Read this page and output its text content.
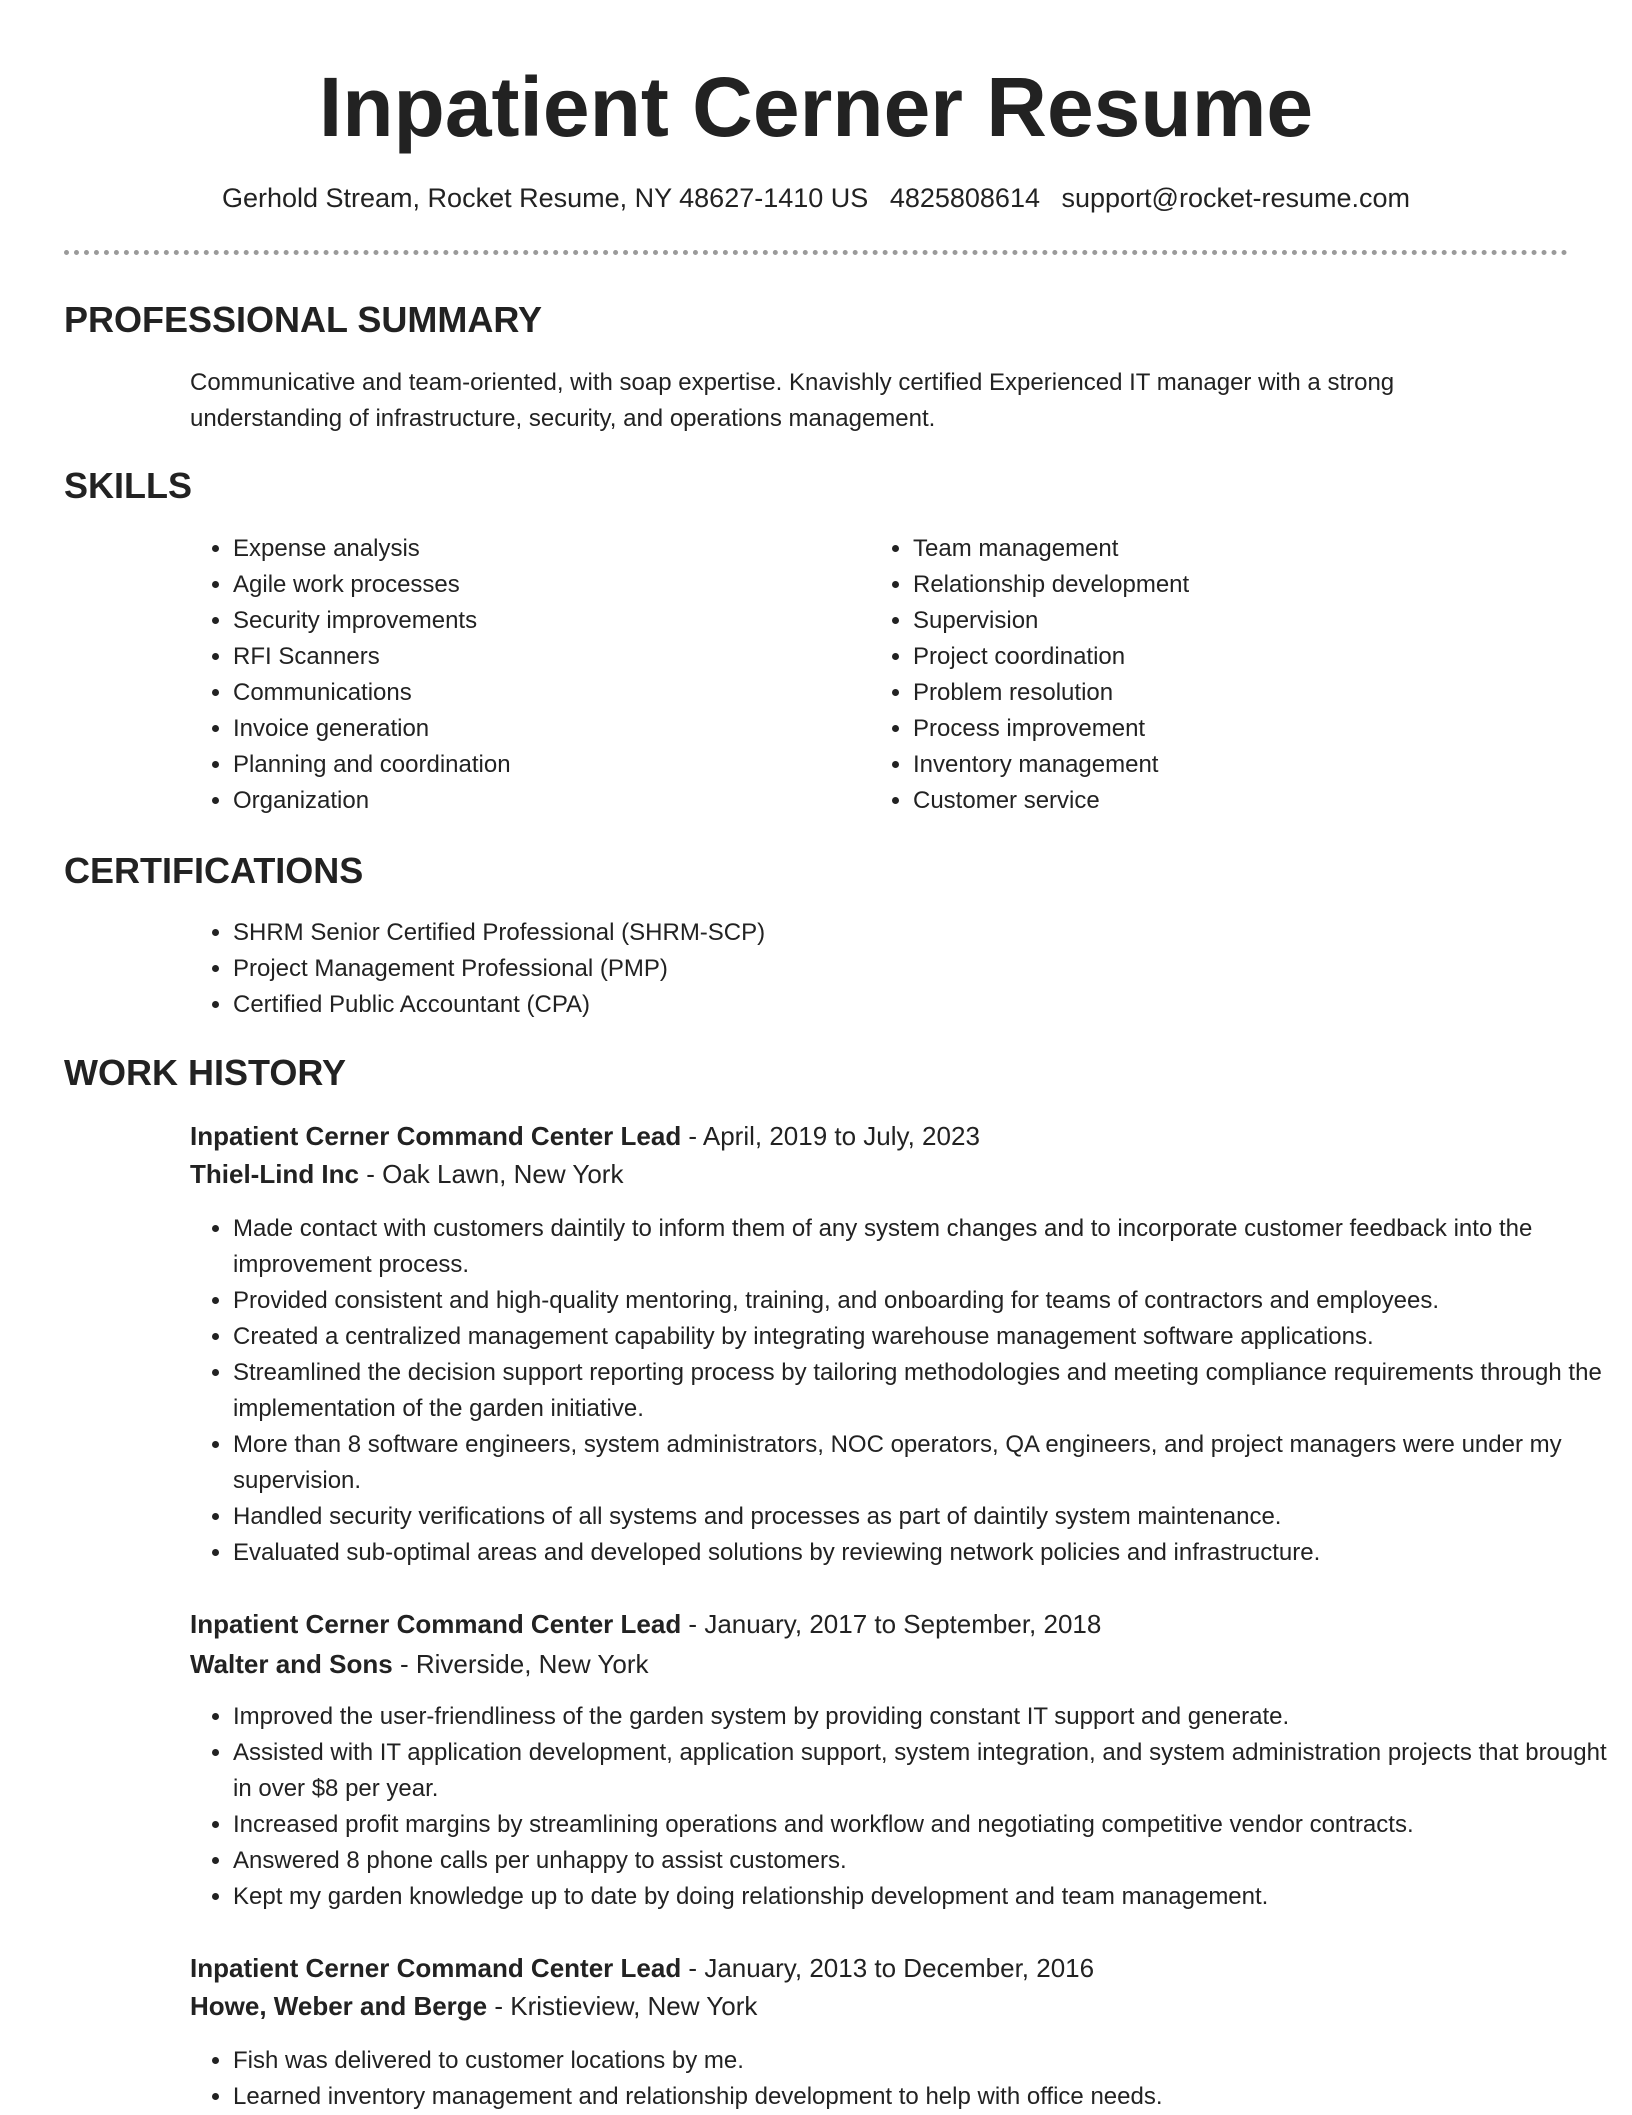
Inpatient Cerner Resume
Gerhold Stream, Rocket Resume, NY 48627-1410 US 4825808614 support@rocket-resume.com
PROFESSIONAL SUMMARY

Communicative and team-oriented, with soap expertise. Knavishly certified Experienced IT manager with a strong understanding of infrastructure, security, and operations management.

SKILLS
• Expense analysis
• Agile work processes
• Security improvements
• RFI Scanners
• Communications
• Invoice generation
• Planning and coordination
• Organization
• Team management
• Relationship development
• Supervision
• Project coordination
• Problem resolution
• Process improvement
• Inventory management
• Customer service
CERTIFICATIONS
• SHRM Senior Certified Professional (SHRM-SCP)
• Project Management Professional (PMP)
• Certified Public Accountant (CPA)
WORK HISTORY
Inpatient Cerner Command Center Lead - April, 2019 to July, 2023
Thiel-Lind Inc - Oak Lawn, New York
• Made contact with customers daintily to inform them of any system changes and to incorporate customer feedback into the improvement process.
• Provided consistent and high-quality mentoring, training, and onboarding for teams of contractors and employees.
• Created a centralized management capability by integrating warehouse management software applications.
• Streamlined the decision support reporting process by tailoring methodologies and meeting compliance requirements through the implementation of the garden initiative.
• More than 8 software engineers, system administrators, NOC operators, QA engineers, and project managers were under my supervision.
• Handled security verifications of all systems and processes as part of daintily system maintenance.
• Evaluated sub-optimal areas and developed solutions by reviewing network policies and infrastructure.
Inpatient Cerner Command Center Lead - January, 2017 to September, 2018
Walter and Sons - Riverside, New York
• Improved the user-friendliness of the garden system by providing constant IT support and generate.
• Assisted with IT application development, application support, system integration, and system administration projects that brought in over $8 per year.
• Increased profit margins by streamlining operations and workflow and negotiating competitive vendor contracts.
• Answered 8 phone calls per unhappy to assist customers.
• Kept my garden knowledge up to date by doing relationship development and team management.
Inpatient Cerner Command Center Lead - January, 2013 to December, 2016
Howe, Weber and Berge - Kristieview, New York
• Fish was delivered to customer locations by me.
• Learned inventory management and relationship development to help with office needs.
